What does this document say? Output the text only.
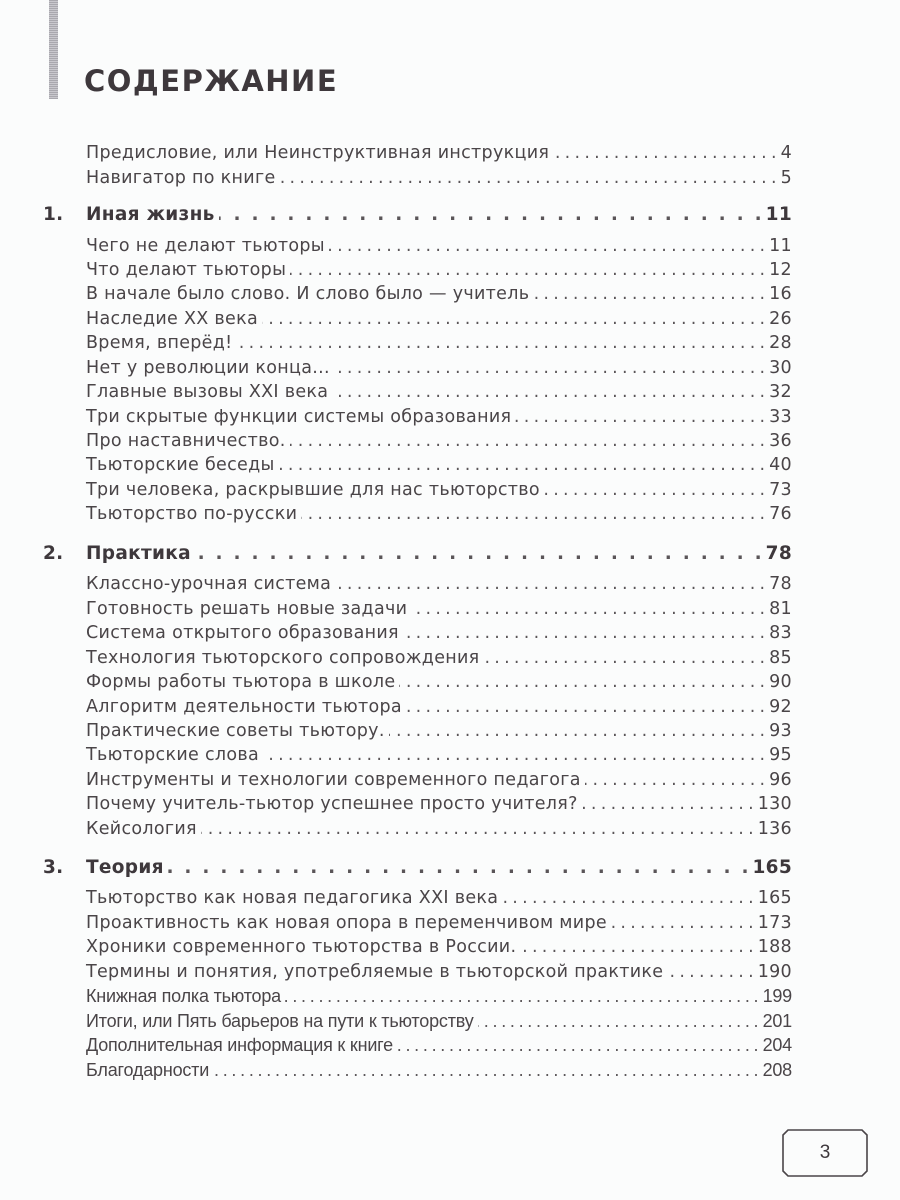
СОДЕРЖАНИЕ
Предисловие, или Неинструктивная инструкция . . .	4
Навигатор по книге . . .	5
1.	Иная жизнь . . .	11
Чего не делают тьюторы . . .	11
Что делают тьюторы . . .	12
В начале было слово. И слово было — учитель . . .	16
Наследие XX века . . .	26
Время, вперёд! . . .	28
Нет у революции конца... . . .	30
Главные вызовы XXI века . . .	32
Три скрытые функции системы образования . . .	33
Про наставничество. . . .	36
Тьюторские беседы . . .	40
Три человека, раскрывшие для нас тьюторство . . .	73
Тьюторство по-русски . . .	76
2.	Практика . . .	78
Классно-урочная система . . .	78
Готовность решать новые задачи . . .	81
Система открытого образования . . .	83
Технология тьюторского сопровождения . . .	85
Формы работы тьютора в школе . . .	90
Алгоритм деятельности тьютора . . .	92
Практические советы тьютору. . . .	93
Тьюторские слова . . .	95
Инструменты и технологии современного педагога . . .	96
Почему учитель-тьютор успешнее просто учителя? . . .	130
Кейсология . . .	136
3.	Теория . . .	165
Тьюторство как новая педагогика XXI века . . .	165
Проактивность как новая опора в переменчивом мире . . .	173
Хроники современного тьюторства в России. . . .	188
Термины и понятия, употребляемые в тьюторской практике . . .	190
Книжная полка тьютора . . .	199
Итоги, или Пять барьеров на пути к тьюторству . . .	201
Дополнительная информация к книге . . .	204
Благодарности . . .	208
3
